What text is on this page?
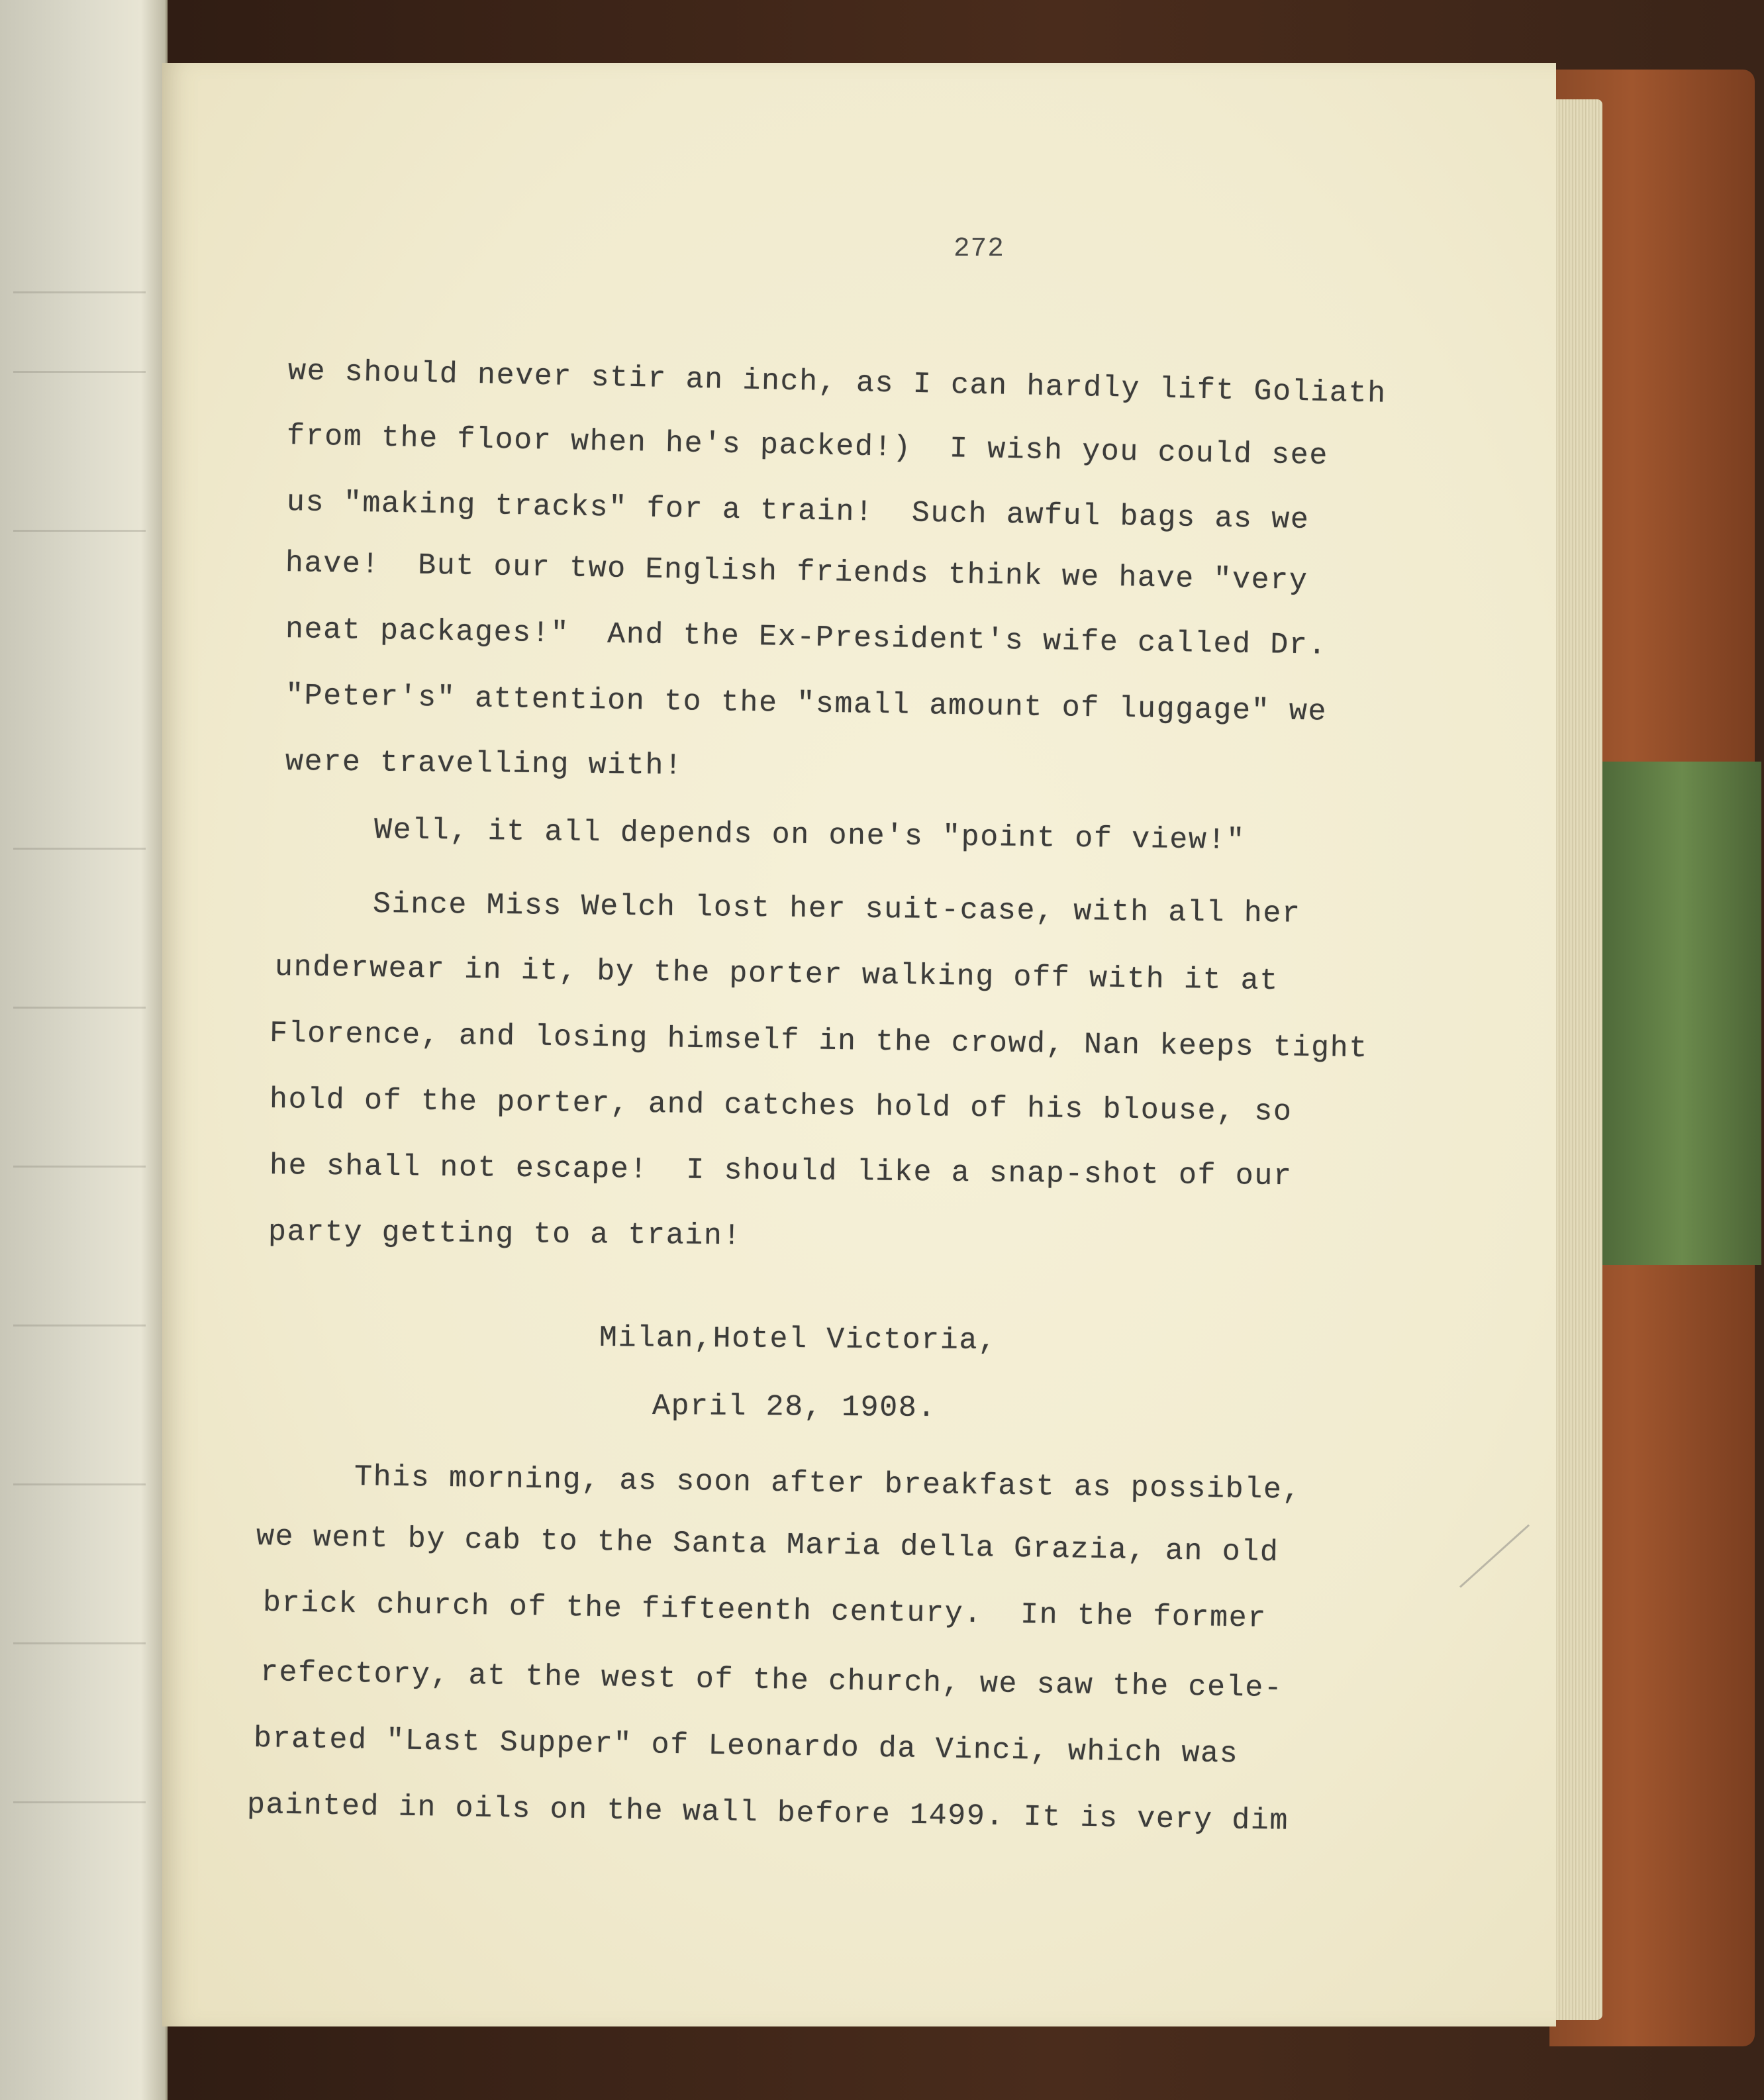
272
we should never stir an inch, as I can hardly lift Goliath
from the floor when he's packed!)  I wish you could see
us "making tracks" for a train!  Such awful bags as we
have!  But our two English friends think we have "very
neat packages!"  And the Ex-President's wife called Dr.
"Peter's" attention to the "small amount of luggage" we
were travelling with!
Well, it all depends on one's "point of view!"
Since Miss Welch lost her suit-case, with all her
underwear in it, by the porter walking off with it at
Florence, and losing himself in the crowd, Nan keeps tight
hold of the porter, and catches hold of his blouse, so
he shall not escape!  I should like a snap-shot of our
party getting to a train!
Milan,Hotel Victoria,
April 28, 1908.
This morning, as soon after breakfast as possible,
we went by cab to the Santa Maria della Grazia, an old
brick church of the fifteenth century.  In the former
refectory, at the west of the church, we saw the cele-
brated "Last Supper" of Leonardo da Vinci, which was
painted in oils on the wall before 1499. It is very dim
